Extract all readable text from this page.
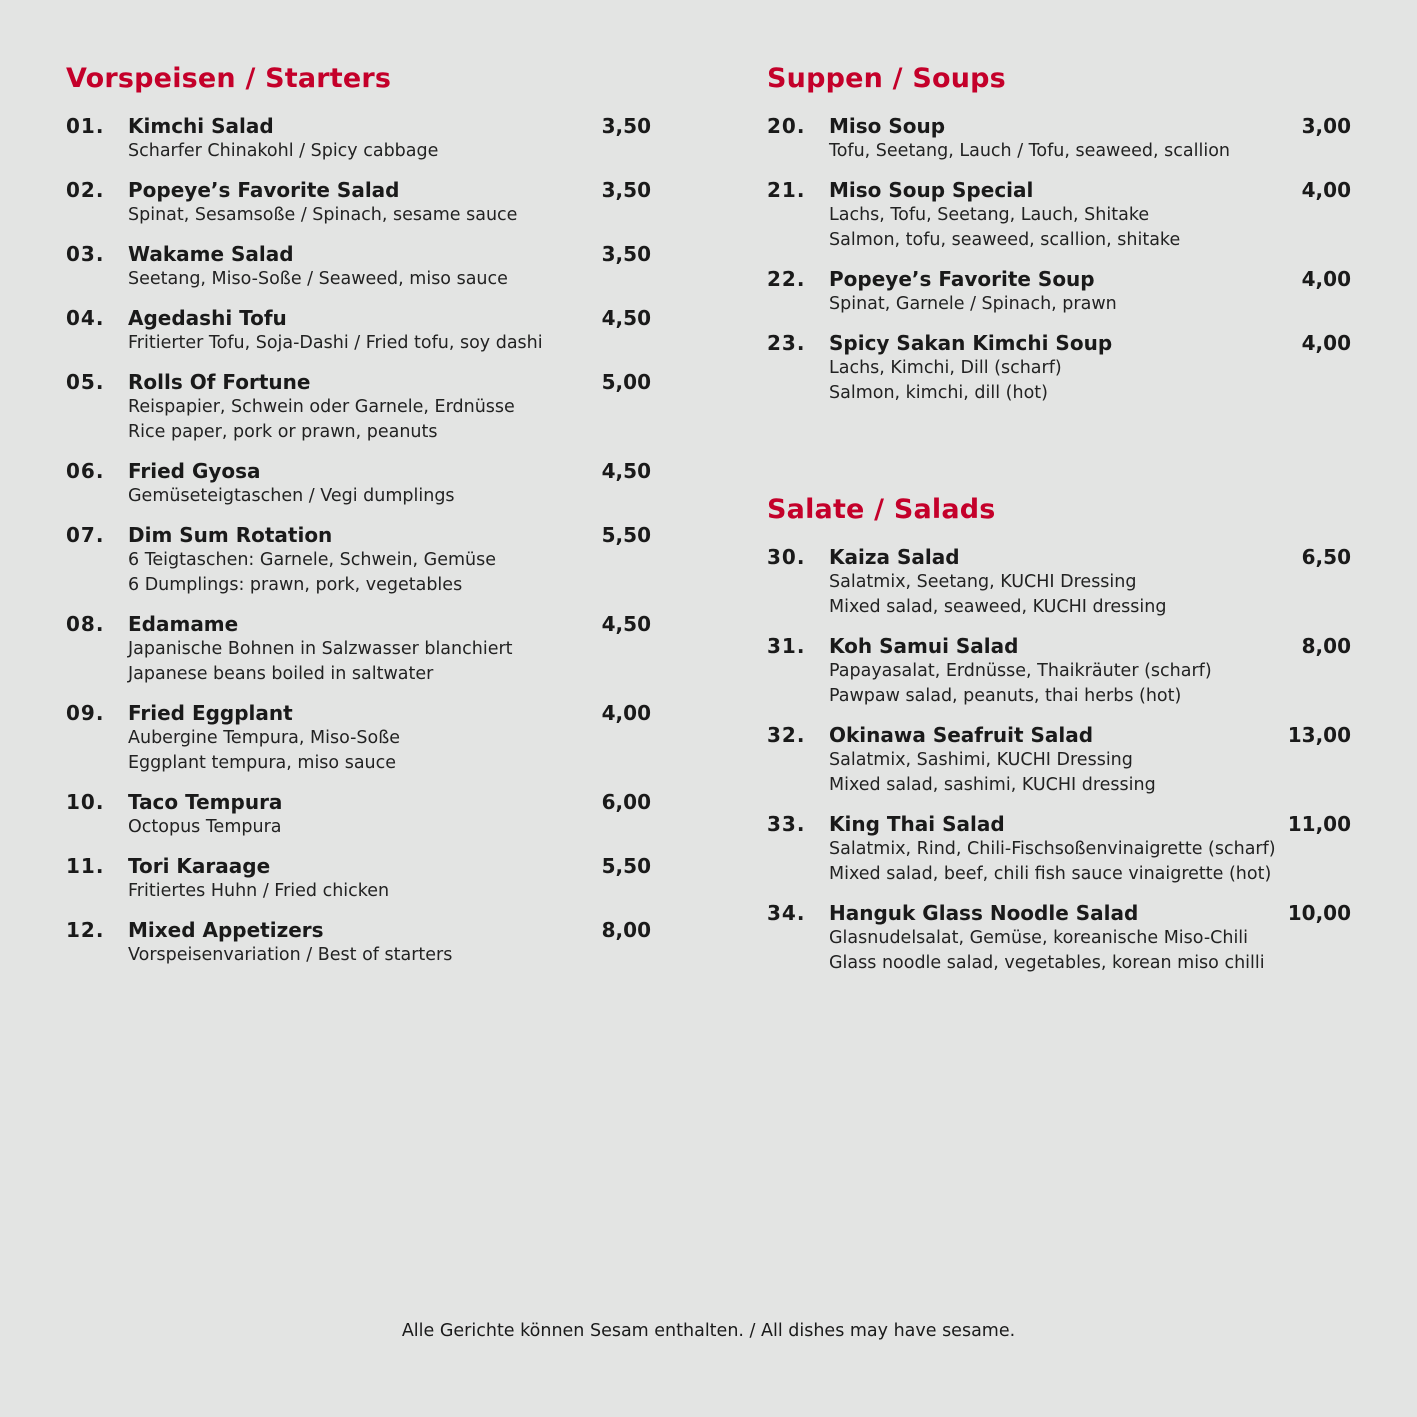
Vorspeisen / Starters
01. Kimchi Salad	3,50
Scharfer Chinakohl / Spicy cabbage
02. Popeye’s Favorite Salad	3,50
Spinat, Sesamsoße / Spinach, sesame sauce
03. Wakame Salad	3,50
Seetang, Miso-Soße / Seaweed, miso sauce
04. Agedashi Tofu	4,50
Fritierter Tofu, Soja-Dashi / Fried tofu, soy dashi
05. Rolls Of Fortune	5,00
Reispapier, Schwein oder Garnele, Erdnüsse
Rice paper, pork or prawn, peanuts
06. Fried Gyosa	4,50
Gemüseteigtaschen / Vegi dumplings
07. Dim Sum Rotation	5,50
6 Teigtaschen: Garnele, Schwein, Gemüse
6 Dumplings: prawn, pork, vegetables
08. Edamame	4,50
Japanische Bohnen in Salzwasser blanchiert
Japanese beans boiled in saltwater
09. Fried Eggplant	4,00
Aubergine Tempura, Miso-Soße
Eggplant tempura, miso sauce
10. Taco Tempura	6,00
Octopus Tempura
11. Tori Karaage	5,50
Fritiertes Huhn / Fried chicken
12. Mixed Appetizers	8,00
Vorspeisenvariation / Best of starters
Suppen / Soups
20. Miso Soup	3,00
Tofu, Seetang, Lauch / Tofu, seaweed, scallion
21. Miso Soup Special	4,00
Lachs, Tofu, Seetang, Lauch, Shitake
Salmon, tofu, seaweed, scallion, shitake
22. Popeye’s Favorite Soup	4,00
Spinat, Garnele / Spinach, prawn
23. Spicy Sakan Kimchi Soup	4,00
Lachs, Kimchi, Dill (scharf)
Salmon, kimchi, dill (hot)
Salate / Salads
30. Kaiza Salad	6,50
Salatmix, Seetang, KUCHI Dressing
Mixed salad, seaweed, KUCHI dressing
31. Koh Samui Salad	8,00
Papayasalat, Erdnüsse, Thaikräuter (scharf)
Pawpaw salad, peanuts, thai herbs (hot)
32. Okinawa Seafruit Salad	13,00
Salatmix, Sashimi, KUCHI Dressing
Mixed salad, sashimi, KUCHI dressing
33. King Thai Salad	11,00
Salatmix, Rind, Chili-Fischsoßenvinaigrette (scharf)
Mixed salad, beef, chili fish sauce vinaigrette (hot)
34. Hanguk Glass Noodle Salad	10,00
Glasnudelsalat, Gemüse, koreanische Miso-Chili
Glass noodle salad, vegetables, korean miso chilli
Alle Gerichte können Sesam enthalten. / All dishes may have sesame.
